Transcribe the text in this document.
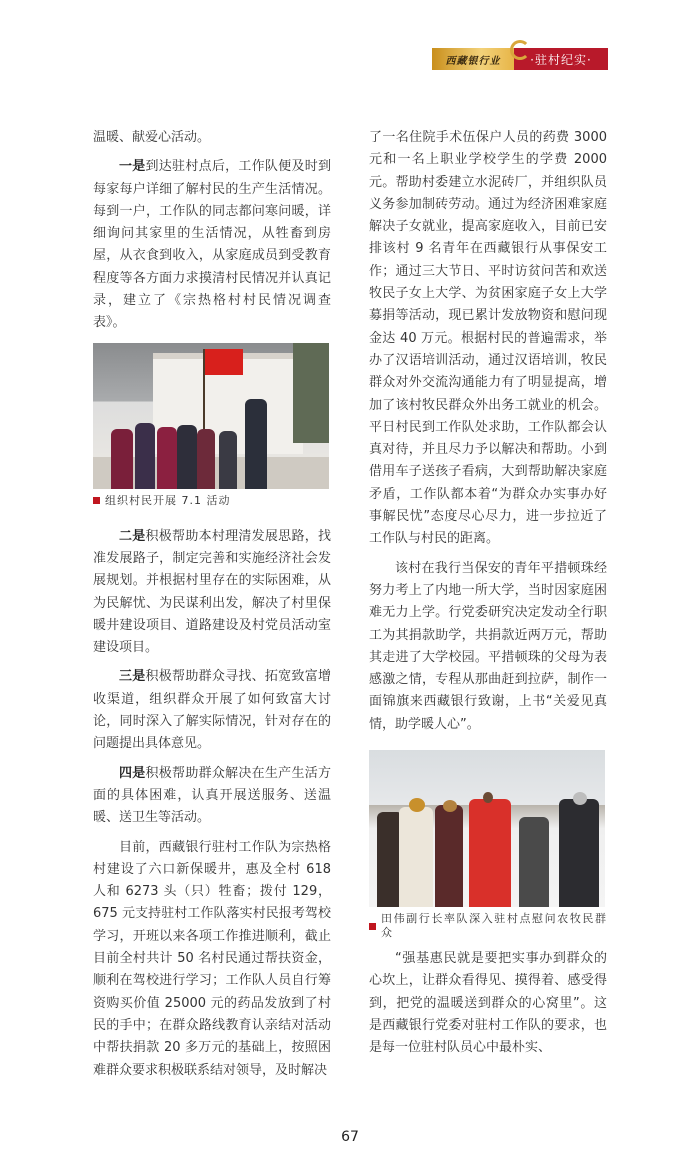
西藏银行业	·驻村纪实·

温暖、献爱心活动。

一是到达驻村点后，工作队便及时到每家每户详细了解村民的生产生活情况。每到一户，工作队的同志都问寒问暖，详细询问其家里的生活情况，从牲畜到房屋，从衣食到收入，从家庭成员到受教育程度等各方面力求摸清村民情况并认真记录，建立了《宗热格村村民情况调查表》。

组织村民开展 7.1 活动

二是积极帮助本村理清发展思路，找准发展路子，制定完善和实施经济社会发展规划。并根据村里存在的实际困难，从为民解忧、为民谋利出发，解决了村里保暖井建设项目、道路建设及村党员活动室建设项目。

三是积极帮助群众寻找、拓宽致富增收渠道，组织群众开展了如何致富大讨论，同时深入了解实际情况，针对存在的问题提出具体意见。

四是积极帮助群众解决在生产生活方面的具体困难，认真开展送服务、送温暖、送卫生等活动。

目前，西藏银行驻村工作队为宗热格村建设了六口新保暖井，惠及全村 618 人和 6273 头（只）牲畜；拨付 129，675 元支持驻村工作队落实村民报考驾校学习，开班以来各项工作推进顺利，截止目前全村共计 50 名村民通过帮扶资金，顺利在驾校进行学习；工作队人员自行筹资购买价值 25000 元的药品发放到了村民的手中；在群众路线教育认亲结对活动中帮扶捐款 20 多万元的基础上，按照困难群众要求积极联系结对领导，及时解决

了一名住院手术伍保户人员的药费 3000 元和一名上职业学校学生的学费 2000 元。帮助村委建立水泥砖厂，并组织队员义务参加制砖劳动。通过为经济困难家庭解决子女就业，提高家庭收入，目前已安排该村 9 名青年在西藏银行从事保安工作；通过三大节日、平时访贫问苦和欢送牧民子女上大学、为贫困家庭子女上大学募捐等活动，现已累计发放物资和慰问现金达 40 万元。根据村民的普遍需求，举办了汉语培训活动，通过汉语培训，牧民群众对外交流沟通能力有了明显提高，增加了该村牧民群众外出务工就业的机会。平日村民到工作队处求助，工作队都会认真对待，并且尽力予以解决和帮助。小到借用车子送孩子看病，大到帮助解决家庭矛盾，工作队都本着“为群众办实事办好事解民忧”态度尽心尽力，进一步拉近了工作队与村民的距离。

该村在我行当保安的青年平措顿珠经努力考上了内地一所大学，当时因家庭困难无力上学。行党委研究决定发动全行职工为其捐款助学，共捐款近两万元，帮助其走进了大学校园。平措顿珠的父母为表感激之情，专程从那曲赶到拉萨，制作一面锦旗来西藏银行致谢，上书“关爱见真情，助学暖人心”。

田伟副行长率队深入驻村点慰问农牧民群众

“强基惠民就是要把实事办到群众的心坎上，让群众看得见、摸得着、感受得到，把党的温暖送到群众的心窝里”。这是西藏银行党委对驻村工作队的要求，也是每一位驻村队员心中最朴实、

67
